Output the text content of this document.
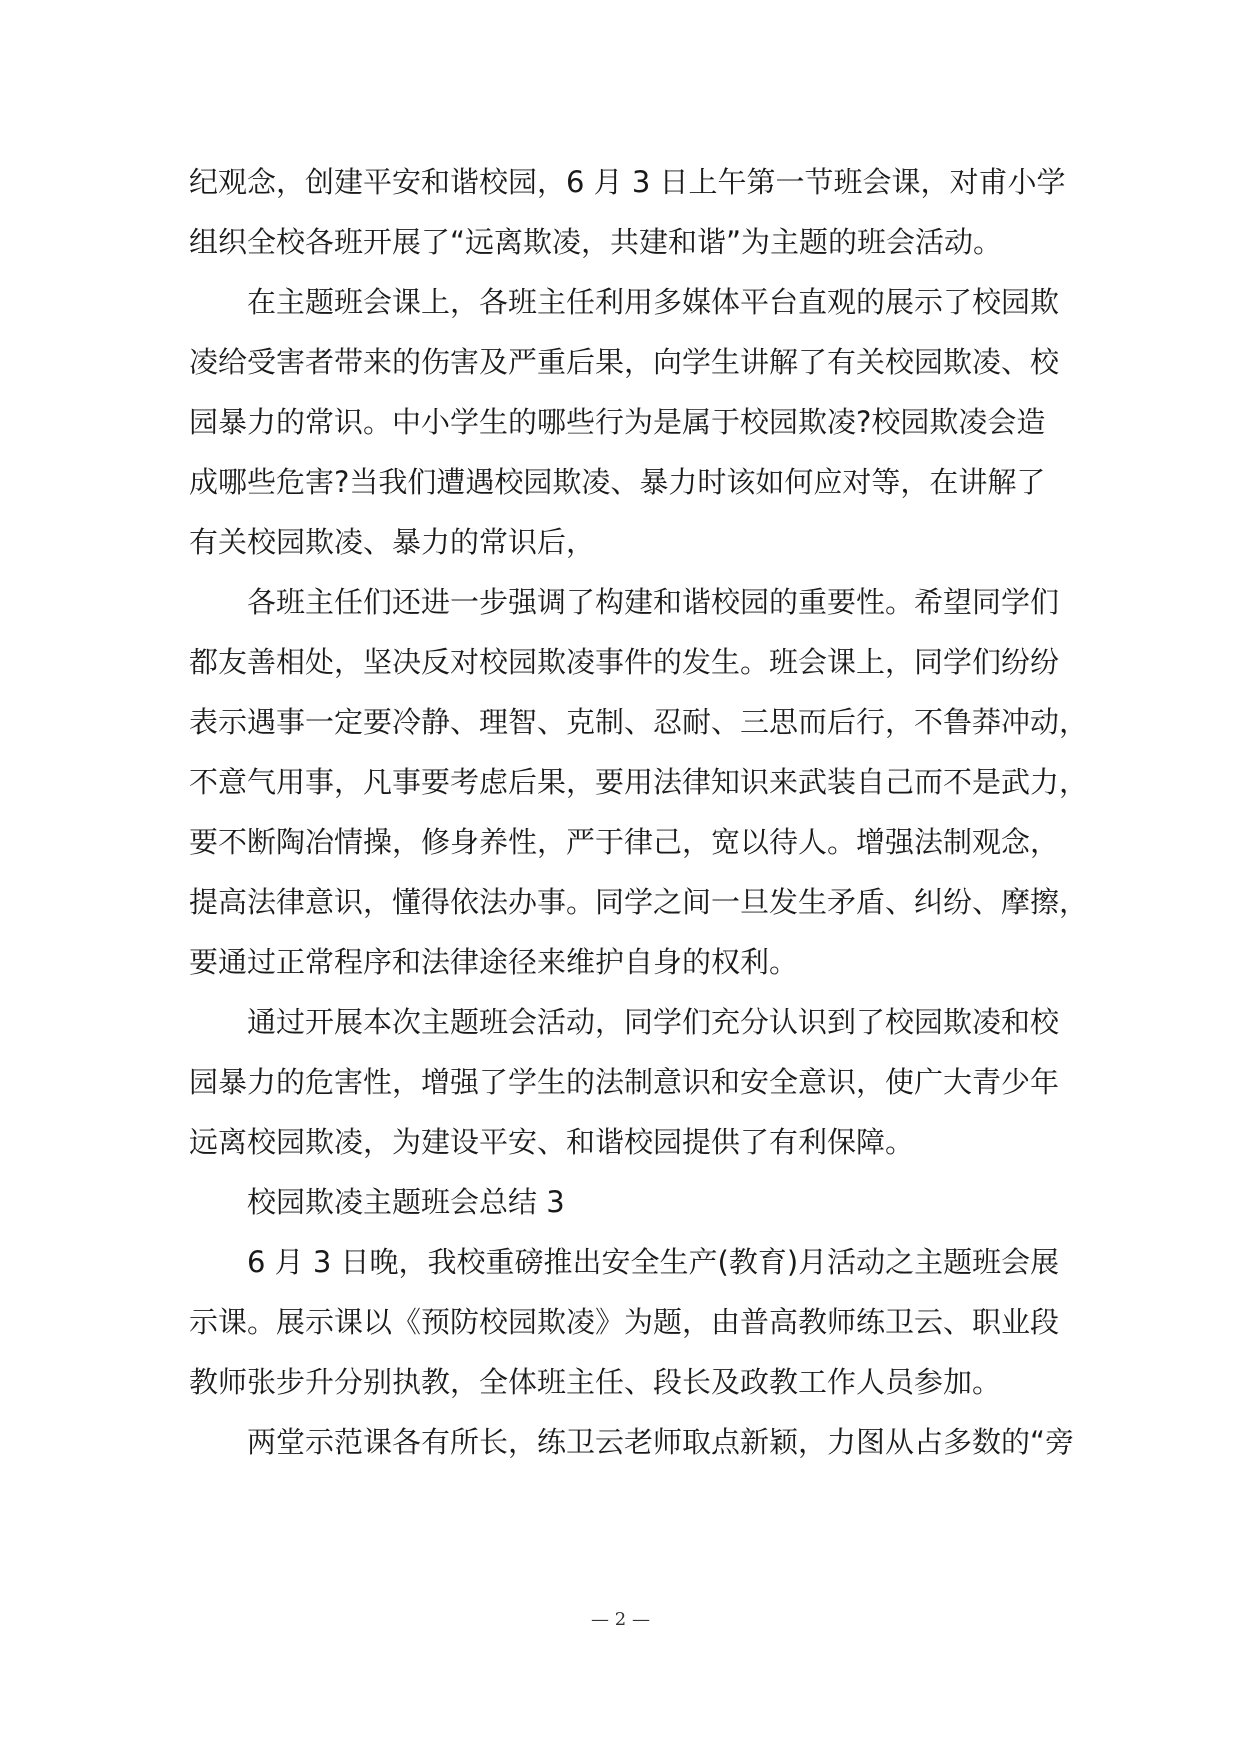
纪观念，创建平安和谐校园，6 月 3 日上午第一节班会课，对甫小学
组织全校各班开展了“远离欺凌，共建和谐”为主题的班会活动。
在主题班会课上，各班主任利用多媒体平台直观的展示了校园欺
凌给受害者带来的伤害及严重后果，向学生讲解了有关校园欺凌、校
园暴力的常识。中小学生的哪些行为是属于校园欺凌?校园欺凌会造
成哪些危害?当我们遭遇校园欺凌、暴力时该如何应对等，在讲解了
有关校园欺凌、暴力的常识后，
各班主任们还进一步强调了构建和谐校园的重要性。希望同学们
都友善相处，坚决反对校园欺凌事件的发生。班会课上，同学们纷纷
表示遇事一定要冷静、理智、克制、忍耐、三思而后行，不鲁莽冲动，
不意气用事，凡事要考虑后果，要用法律知识来武装自己而不是武力，
要不断陶冶情操，修身养性，严于律己，宽以待人。增强法制观念，
提高法律意识，懂得依法办事。同学之间一旦发生矛盾、纠纷、摩擦，
要通过正常程序和法律途径来维护自身的权利。
通过开展本次主题班会活动，同学们充分认识到了校园欺凌和校
园暴力的危害性，增强了学生的法制意识和安全意识，使广大青少年
远离校园欺凌，为建设平安、和谐校园提供了有利保障。
校园欺凌主题班会总结 3
6 月 3 日晚，我校重磅推出安全生产(教育)月活动之主题班会展
示课。展示课以《预防校园欺凌》为题，由普高教师练卫云、职业段
教师张步升分别执教，全体班主任、段长及政教工作人员参加。
两堂示范课各有所长，练卫云老师取点新颖，力图从占多数的“旁
— 2 —
